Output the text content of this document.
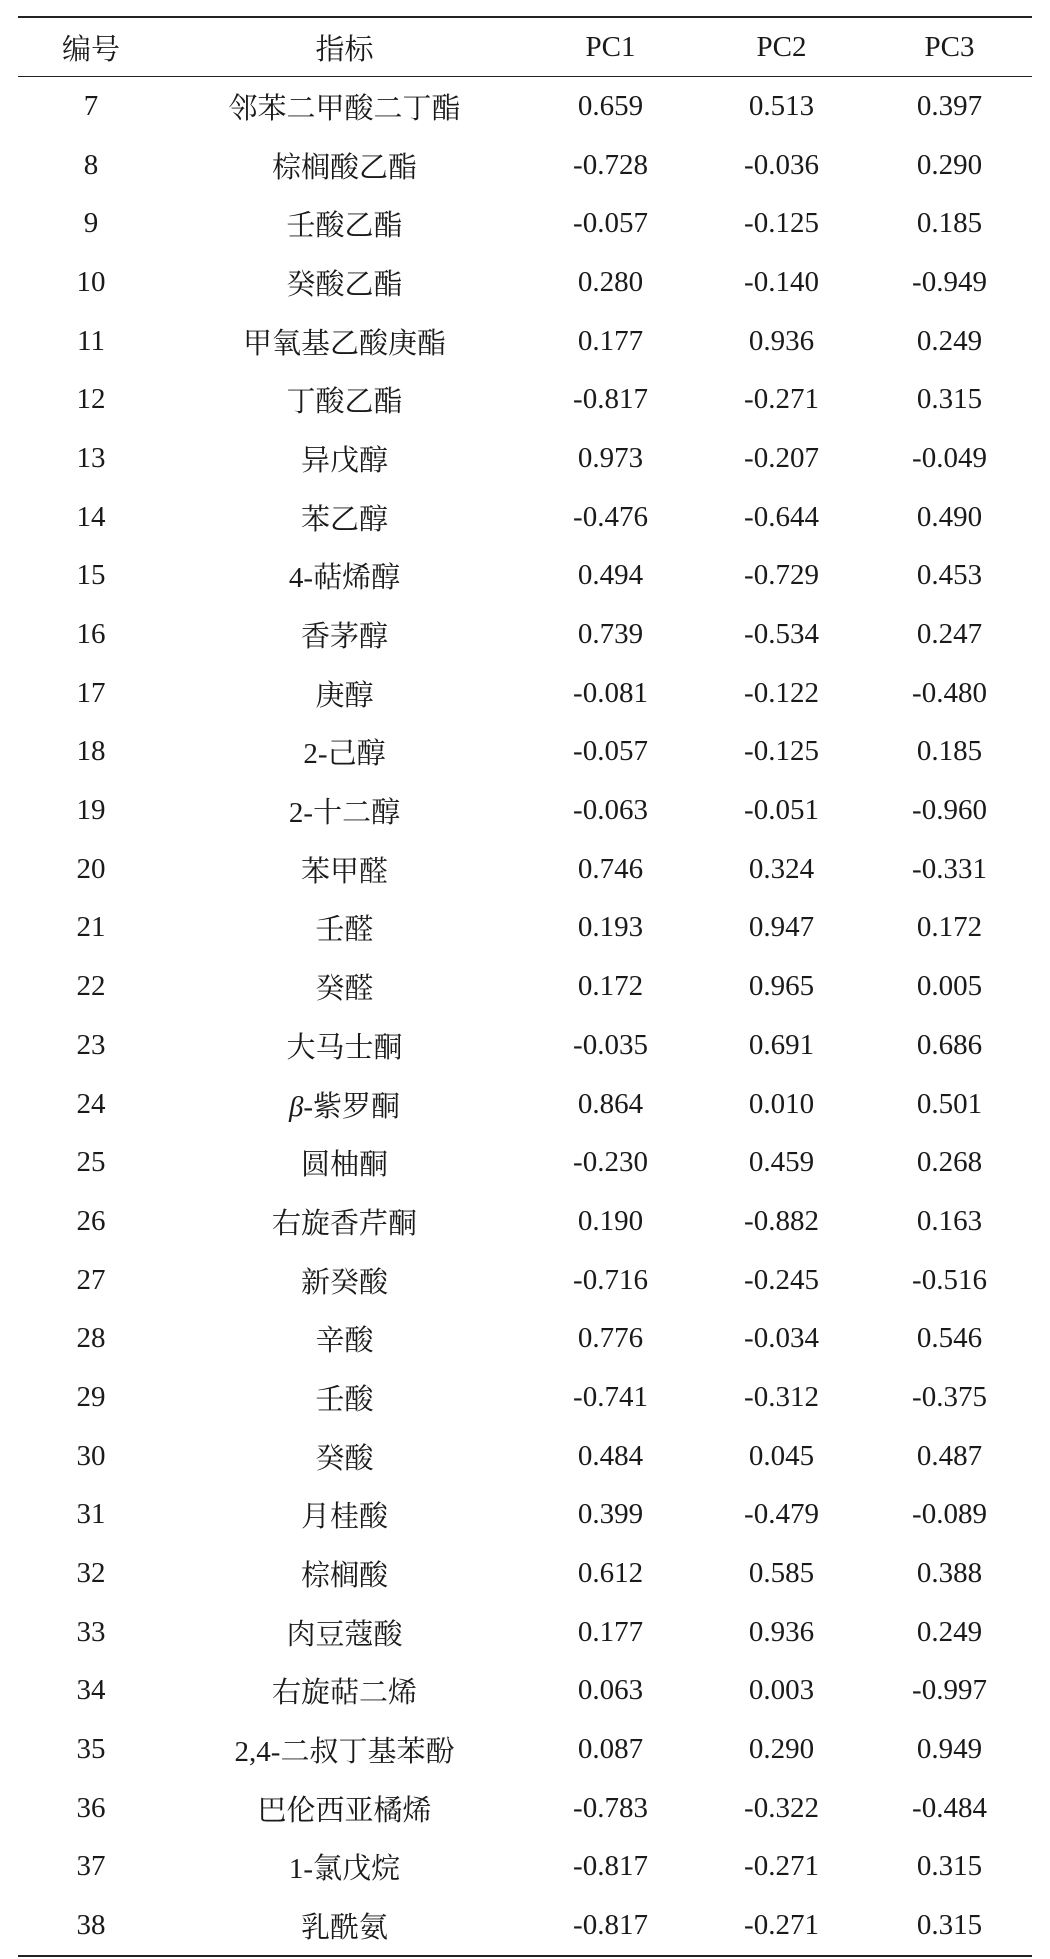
编号	指标	PC1	PC2	PC3
7	邻苯二甲酸二丁酯	0.659	0.513	0.397
8	棕榈酸乙酯	-0.728	-0.036	0.290
9	壬酸乙酯	-0.057	-0.125	0.185
10	癸酸乙酯	0.280	-0.140	-0.949
11	甲氧基乙酸庚酯	0.177	0.936	0.249
12	丁酸乙酯	-0.817	-0.271	0.315
13	异戊醇	0.973	-0.207	-0.049
14	苯乙醇	-0.476	-0.644	0.490
15	4-萜烯醇	0.494	-0.729	0.453
16	香茅醇	0.739	-0.534	0.247
17	庚醇	-0.081	-0.122	-0.480
18	2-己醇	-0.057	-0.125	0.185
19	2-十二醇	-0.063	-0.051	-0.960
20	苯甲醛	0.746	0.324	-0.331
21	壬醛	0.193	0.947	0.172
22	癸醛	0.172	0.965	0.005
23	大马士酮	-0.035	0.691	0.686
24	β-紫罗酮	0.864	0.010	0.501
25	圆柚酮	-0.230	0.459	0.268
26	右旋香芹酮	0.190	-0.882	0.163
27	新癸酸	-0.716	-0.245	-0.516
28	辛酸	0.776	-0.034	0.546
29	壬酸	-0.741	-0.312	-0.375
30	癸酸	0.484	0.045	0.487
31	月桂酸	0.399	-0.479	-0.089
32	棕榈酸	0.612	0.585	0.388
33	肉豆蔻酸	0.177	0.936	0.249
34	右旋萜二烯	0.063	0.003	-0.997
35	2,4-二叔丁基苯酚	0.087	0.290	0.949
36	巴伦西亚橘烯	-0.783	-0.322	-0.484
37	1-氯戊烷	-0.817	-0.271	0.315
38	乳酰氨	-0.817	-0.271	0.315
